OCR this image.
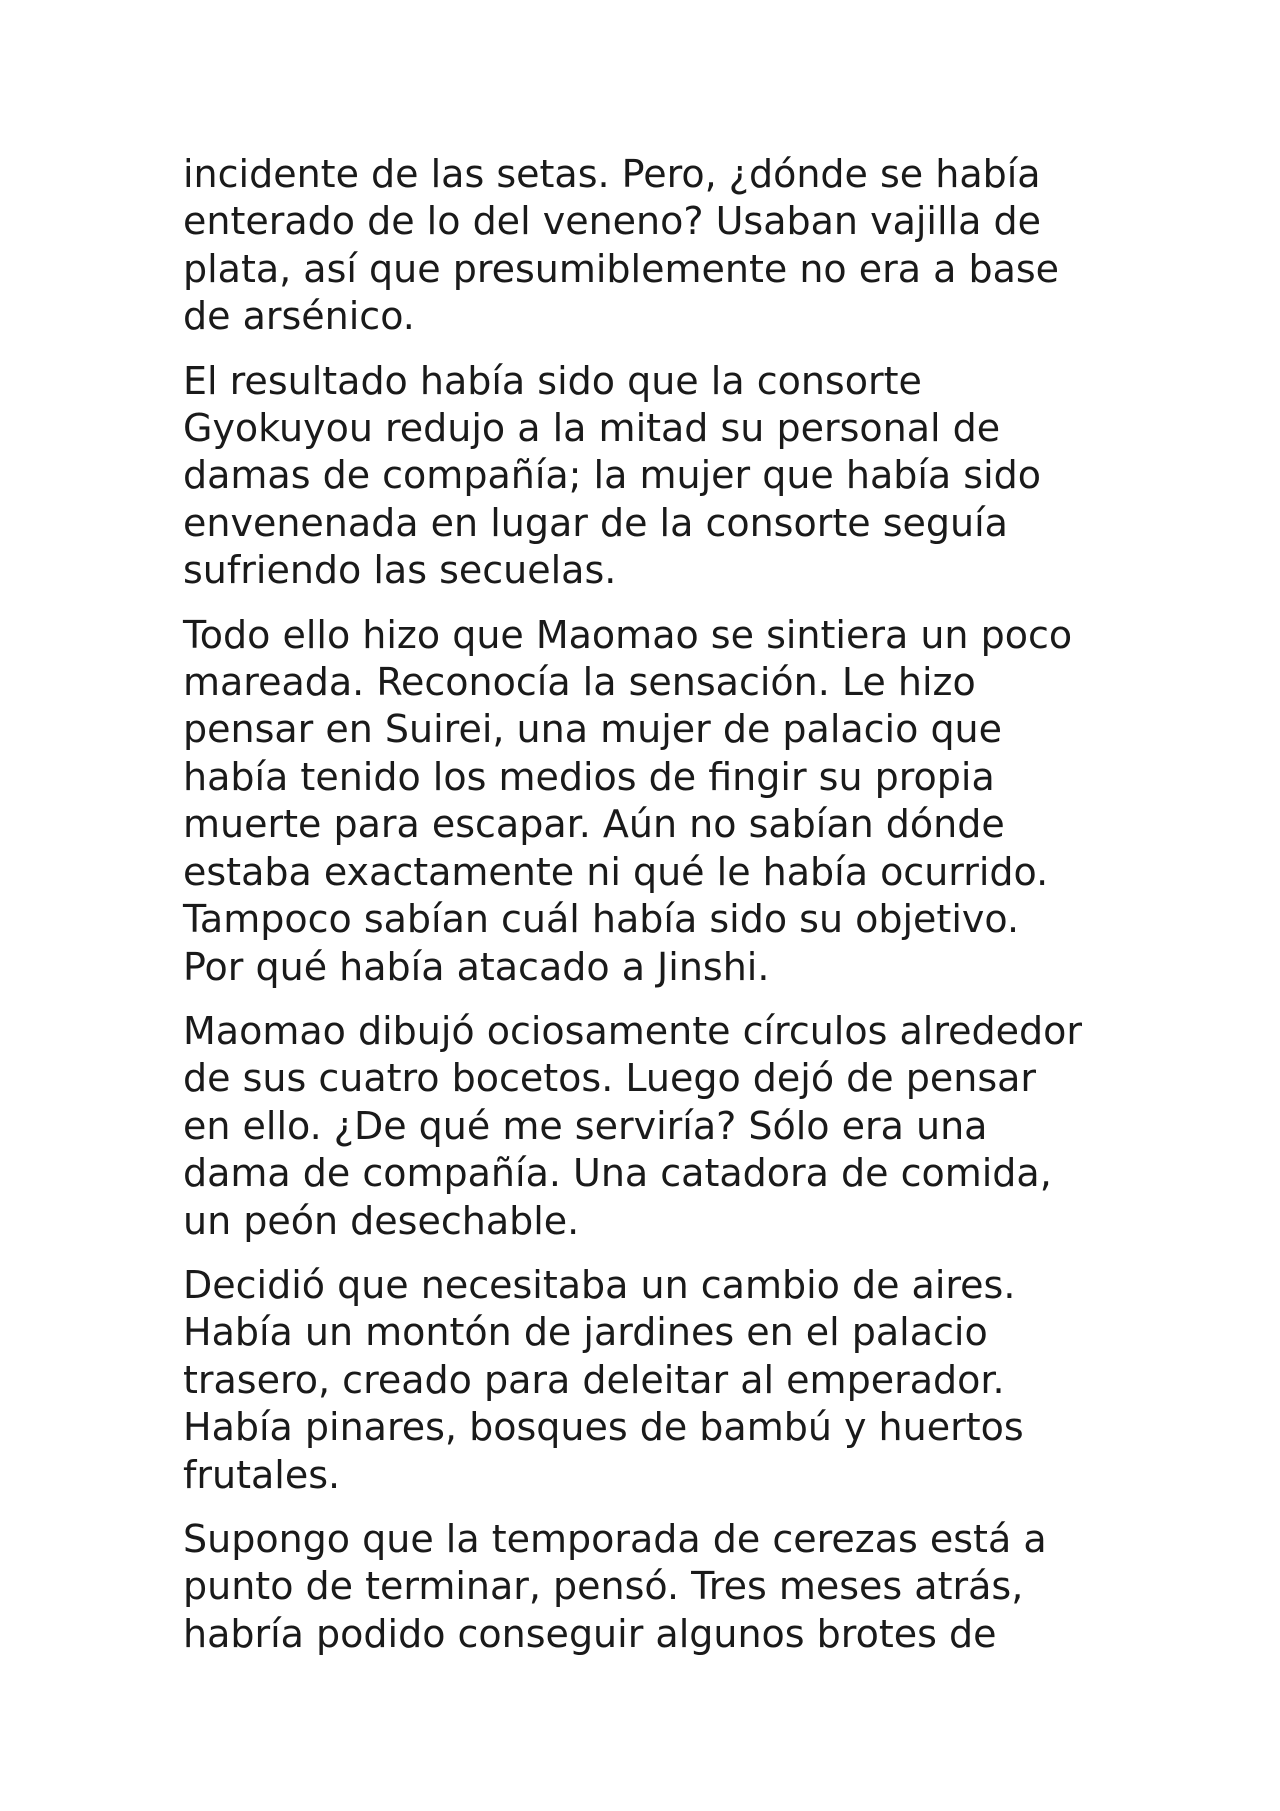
incidente de las setas. Pero, ¿dónde se había
enterado de lo del veneno? Usaban vajilla de
plata, así que presumiblemente no era a base
de arsénico.

El resultado había sido que la consorte
Gyokuyou redujo a la mitad su personal de
damas de compañía; la mujer que había sido
envenenada en lugar de la consorte seguía
sufriendo las secuelas.

Todo ello hizo que Maomao se sintiera un poco
mareada. Reconocía la sensación. Le hizo
pensar en Suirei, una mujer de palacio que
había tenido los medios de fingir su propia
muerte para escapar. Aún no sabían dónde
estaba exactamente ni qué le había ocurrido.
Tampoco sabían cuál había sido su objetivo.
Por qué había atacado a Jinshi.

Maomao dibujó ociosamente círculos alrededor
de sus cuatro bocetos. Luego dejó de pensar
en ello. ¿De qué me serviría? Sólo era una
dama de compañía. Una catadora de comida,
un peón desechable.

Decidió que necesitaba un cambio de aires.
Había un montón de jardines en el palacio
trasero, creado para deleitar al emperador.
Había pinares, bosques de bambú y huertos
frutales.

Supongo que la temporada de cerezas está a
punto de terminar, pensó. Tres meses atrás,
habría podido conseguir algunos brotes de
